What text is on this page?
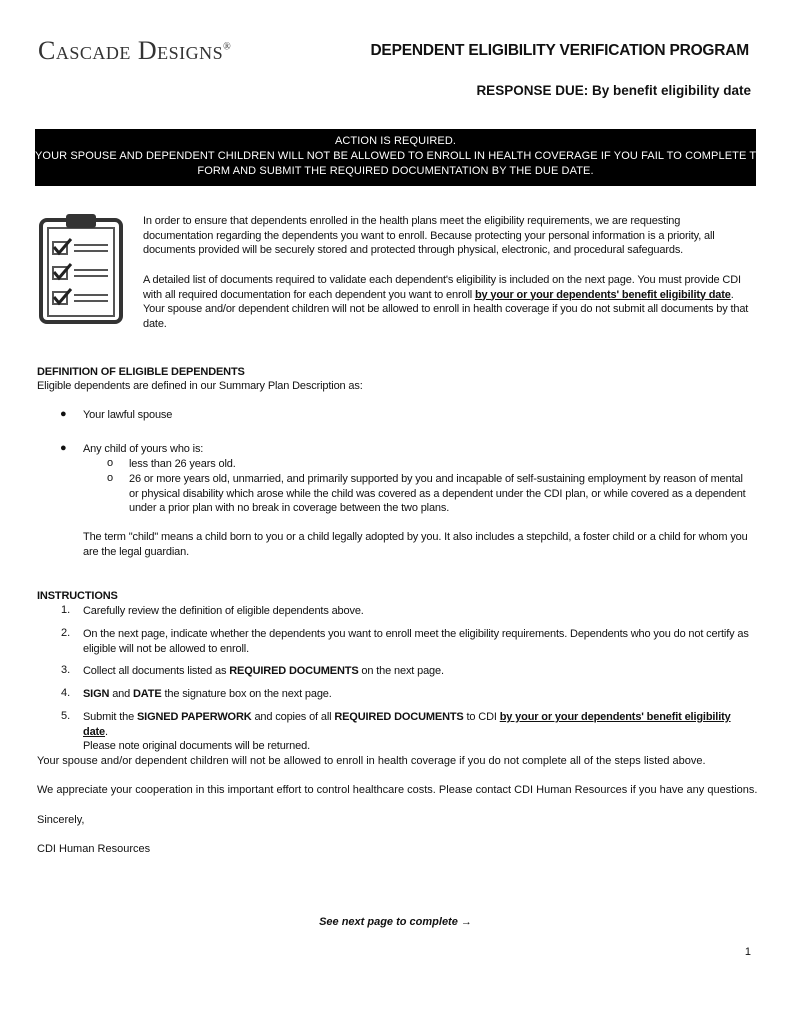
Cascade Designs®	DEPENDENT ELIGIBILITY VERIFICATION PROGRAM
RESPONSE DUE: By benefit eligibility date
ACTION IS REQUIRED.
YOUR SPOUSE AND DEPENDENT CHILDREN WILL NOT BE ALLOWED TO ENROLL IN HEALTH COVERAGE IF YOU FAIL TO COMPLETE THIS
FORM AND SUBMIT THE REQUIRED DOCUMENTATION BY THE DUE DATE.
In order to ensure that dependents enrolled in the health plans meet the eligibility requirements, we are requesting documentation regarding the dependents you want to enroll. Because protecting your personal information is a priority, all documents provided will be securely stored and protected through physical, electronic, and procedural safeguards.
A detailed list of documents required to validate each dependent's eligibility is included on the next page. You must provide CDI with all required documentation for each dependent you want to enroll by your or your dependents' benefit eligibility date. Your spouse and/or dependent children will not be allowed to enroll in health coverage if you do not submit all documents by that date.
DEFINITION OF ELIGIBLE DEPENDENTS
Eligible dependents are defined in our Summary Plan Description as:
● Your lawful spouse
● Any child of yours who is:
o less than 26 years old.
o 26 or more years old, unmarried, and primarily supported by you and incapable of self-sustaining employment by reason of mental or physical disability which arose while the child was covered as a dependent under the CDI plan, or while covered as a dependent under a prior plan with no break in coverage between the two plans.
The term "child" means a child born to you or a child legally adopted by you. It also includes a stepchild, a foster child or a child for whom you are the legal guardian.
INSTRUCTIONS
1.	Carefully review the definition of eligible dependents above.
2.	On the next page, indicate whether the dependents you want to enroll meet the eligibility requirements. Dependents who you do not certify as eligible will not be allowed to enroll.
3.	Collect all documents listed as REQUIRED DOCUMENTS on the next page.
4.	SIGN and DATE the signature box on the next page.
5.	Submit the SIGNED PAPERWORK and copies of all REQUIRED DOCUMENTS to CDI by your or your dependents' benefit eligibility date.
Please note original documents will be returned.
Your spouse and/or dependent children will not be allowed to enroll in health coverage if you do not complete all of the steps listed above.
We appreciate your cooperation in this important effort to control healthcare costs. Please contact CDI Human Resources if you have any questions.
Sincerely,
CDI Human Resources
See next page to complete →
1
